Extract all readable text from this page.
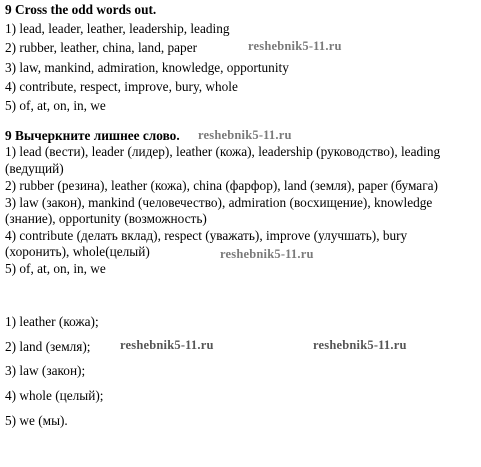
9 Cross the odd words out.
1) lead, leader, leather, leadership, leading
2) rubber, leather, china, land, paper
3) law, mankind, admiration, knowledge, opportunity
4) contribute, respect, improve, bury, whole
5) of, at, on, in, we
reshebnik5-11.ru
9 Вычеркните лишнее слово. reshebnik5-11.ru
1) lead (вести), leader (лидер), leather (кожа), leadership (руководство), leading
(ведущий)
2) rubber (резина), leather (кожа), china (фарфор), land (земля), paper (бумага)
3) law (закон), mankind (человечество), admiration (восхищение), knowledge
(знание), opportunity (возможность)
4) contribute (делать вклад), respect (уважать), improve (улучшать), bury
(хоронить), whole(целый)
5) of, at, on, in, we
reshebnik5-11.ru
1) leather (кожа);
2) land (земля); reshebnik5-11.ru	reshebnik5-11.ru
3) law (закон);
4) whole (целый);
5) we (мы).
